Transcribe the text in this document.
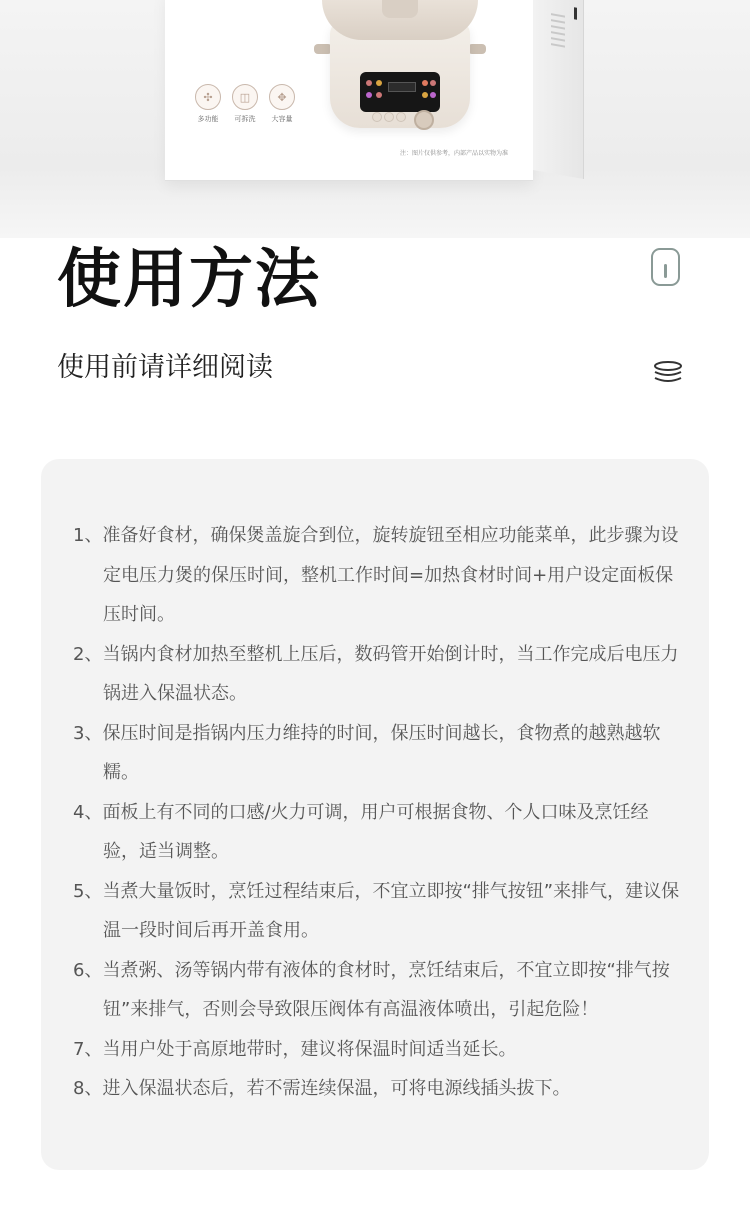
✣
多功能
◫
可拆洗
✥
大容量
注：图片仅供参考，内部产品以实物为准
使用方法
使用前请详细阅读
1、准备好食材，确保煲盖旋合到位，旋转旋钮至相应功能菜单，此步骤为设定电压力煲的保压时间，整机工作时间=加热食材时间+用户设定面板保压时间。
2、当锅内食材加热至整机上压后，数码管开始倒计时，当工作完成后电压力锅进入保温状态。
3、保压时间是指锅内压力维持的时间，保压时间越长，食物煮的越熟越软糯。
4、面板上有不同的口感/火力可调，用户可根据食物、个人口味及烹饪经验，适当调整。
5、当煮大量饭时，烹饪过程结束后，不宜立即按“排气按钮”来排气，建议保温一段时间后再开盖食用。
6、当煮粥、汤等锅内带有液体的食材时，烹饪结束后，不宜立即按“排气按钮”来排气，否则会导致限压阀体有高温液体喷出，引起危险！
7、当用户处于高原地带时，建议将保温时间适当延长。
8、进入保温状态后，若不需连续保温，可将电源线插头拔下。
